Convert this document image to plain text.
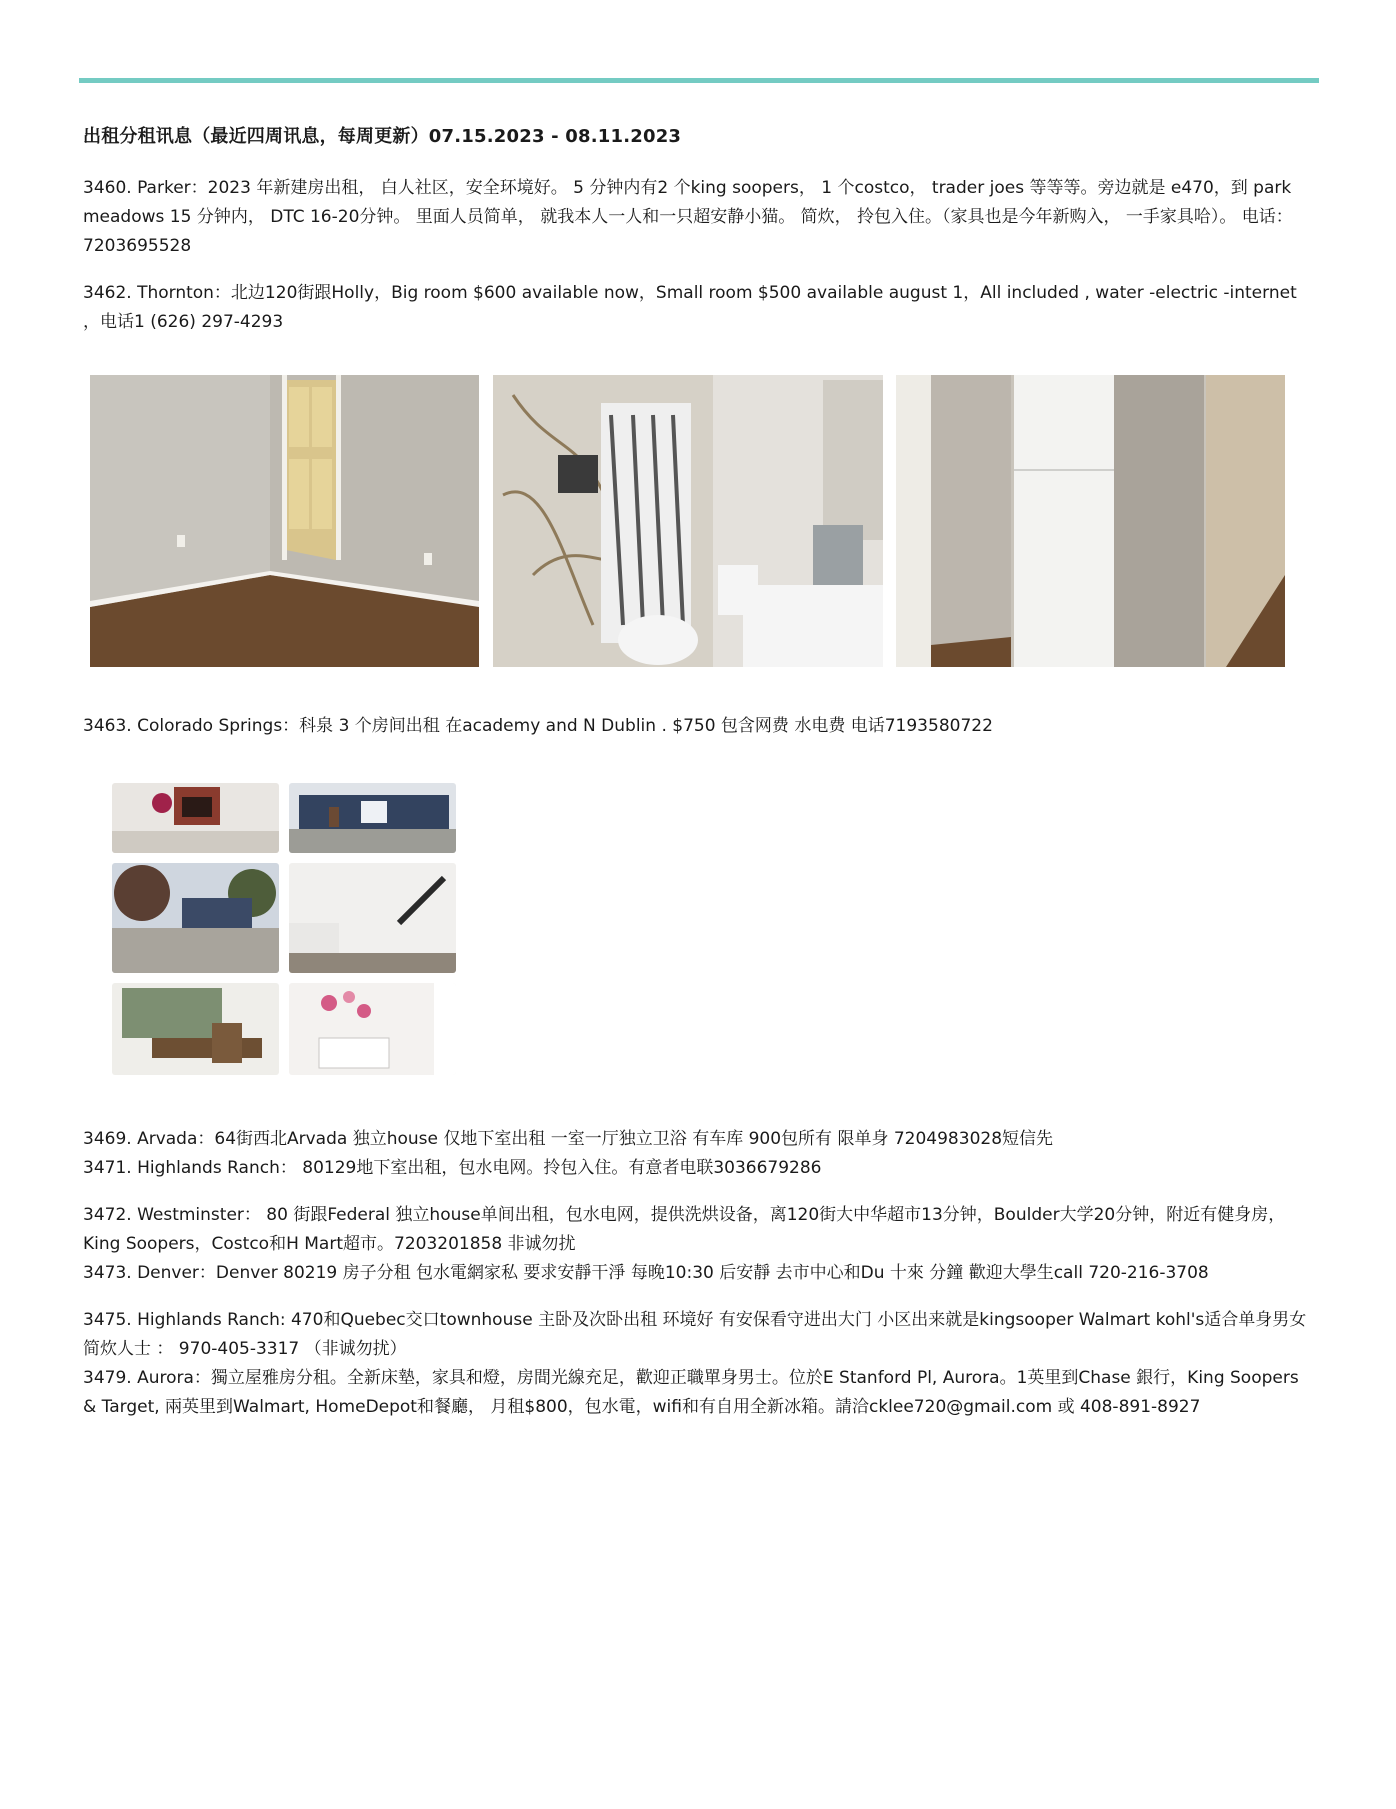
出租分租讯息（最近四周讯息，每周更新）07.15.2023 - 08.11.2023

3460. Parker：2023 年新建房出租， 白人社区，安全环境好。 5 分钟内有2 个king soopers， 1 个costco， trader joes 等等等。旁边就是 e470，到 park meadows 15 分钟内， DTC 16-20分钟。 里面人员简单， 就我本人一人和一只超安静小猫。 简炊， 拎包入住。（家具也是今年新购入， 一手家具哈）。 电话： 7203695528

3462. Thornton：北边120街跟Holly，Big room $600 available now，Small room $500 available august 1，All included , water -electric -internet ，电话1 (626) 297-4293

3463. Colorado Springs：科泉 3 个房间出租 在academy and N Dublin . $750 包含网费 水电费 电话7193580722

3469. Arvada：64街西北Arvada 独立house 仅地下室出租 一室一厅独立卫浴 有车库 900包所有 限单身 7204983028短信先

3471. Highlands Ranch： 80129地下室出租，包水电网。拎包入住。有意者电联3036679286

3472. Westminster： 80 街跟Federal 独立house单间出租，包水电网，提供洗烘设备，离120街大中华超市13分钟，Boulder大学20分钟，附近有健身房，King Soopers，Costco和H Mart超市。7203201858 非诚勿扰

3473. Denver：Denver 80219 房子分租 包水電網家私 要求安靜干淨 每晚10:30 后安靜 去市中心和Du 十來 分鐘 歡迎大學生call 720-216-3708

3475. Highlands Ranch: 470和Quebec交口townhouse 主卧及次卧出租 环境好 有安保看守进出大门 小区出来就是kingsooper Walmart kohl's适合单身男女 简炊人士 ： 970-405-3317 （非诚勿扰）

3479. Aurora：獨立屋雅房分租。全新床墊，家具和燈，房間光線充足，歡迎正職單身男士。位於E Stanford Pl, Aurora。1英里到Chase 銀行，King Soopers & Target, 兩英里到Walmart, HomeDepot和餐廳， 月租$800，包水電，wifi和有自用全新冰箱。請洽cklee720@gmail.com 或 408-891-8927
